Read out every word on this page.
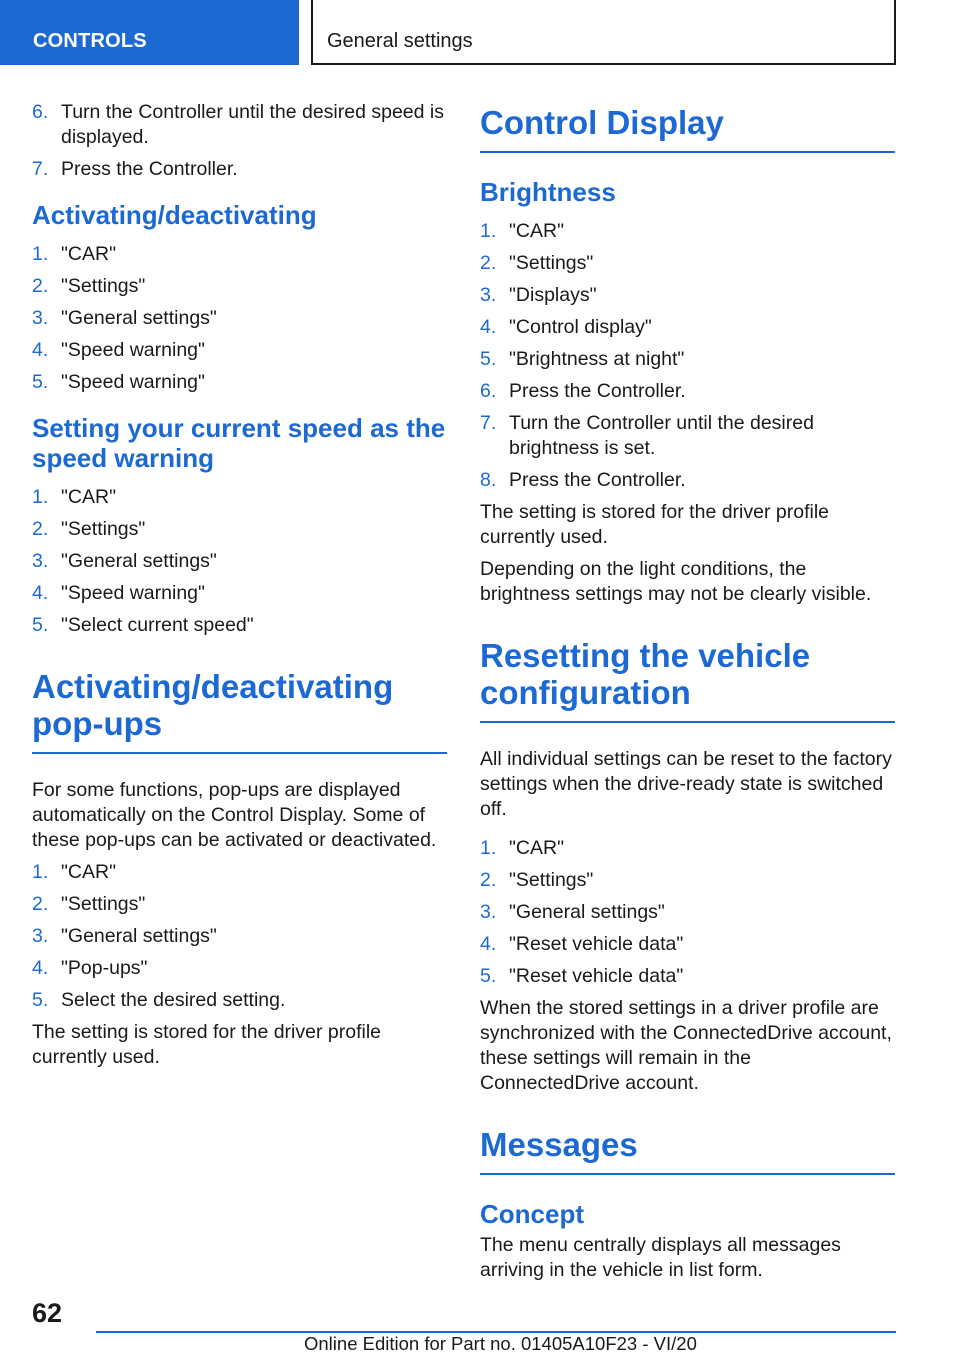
CONTROLS	General settings
6. Turn the Controller until the desired speed is displayed.
7. Press the Controller.
Activating/deactivating
1. "CAR"
2. "Settings"
3. "General settings"
4. "Speed warning"
5. "Speed warning"
Setting your current speed as the speed warning
1. "CAR"
2. "Settings"
3. "General settings"
4. "Speed warning"
5. "Select current speed"
Activating/deactivating pop-ups

For some functions, pop-ups are displayed automatically on the Control Display. Some of these pop-ups can be activated or deactivated.

1. "CAR"
2. "Settings"
3. "General settings"
4. "Pop-ups"
5. Select the desired setting.

The setting is stored for the driver profile currently used.

Control Display
Brightness
1. "CAR"
2. "Settings"
3. "Displays"
4. "Control display"
5. "Brightness at night"
6. Press the Controller.
7. Turn the Controller until the desired brightness is set.
8. Press the Controller.

The setting is stored for the driver profile currently used.

Depending on the light conditions, the brightness settings may not be clearly visible.

Resetting the vehicle configuration

All individual settings can be reset to the factory settings when the drive-ready state is switched off.

1. "CAR"
2. "Settings"
3. "General settings"
4. "Reset vehicle data"
5. "Reset vehicle data"

When the stored settings in a driver profile are synchronized with the ConnectedDrive account, these settings will remain in the ConnectedDrive account.

Messages
Concept

The menu centrally displays all messages arriving in the vehicle in list form.

62
Online Edition for Part no. 01405A10F23 - VI/20
